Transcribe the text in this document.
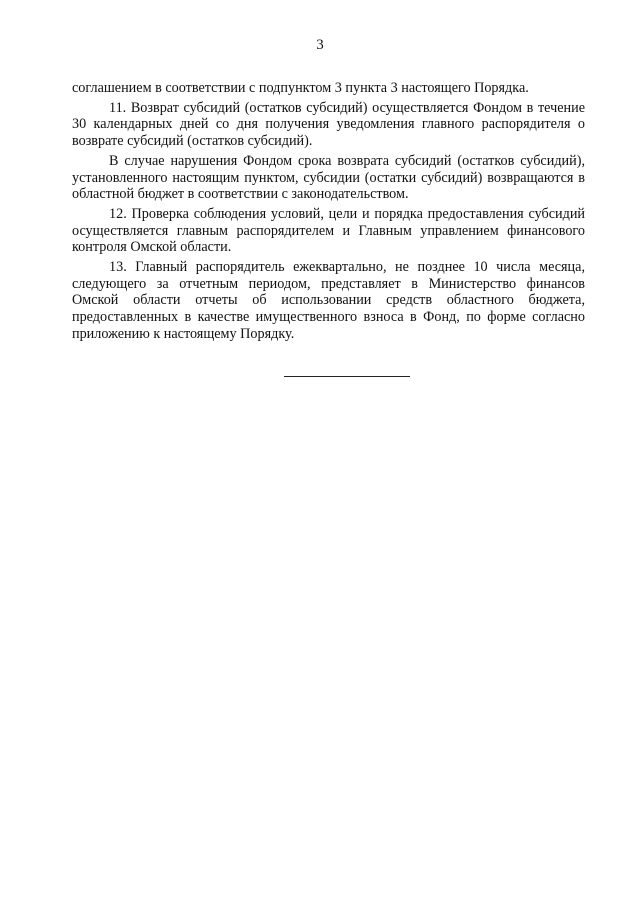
3

соглашением в соответствии с подпунктом 3 пункта 3 настоящего Порядка.

11. Возврат субсидий (остатков субсидий) осуществляется Фондом в течение 30 календарных дней со дня получения уведомления главного распорядителя о возврате субсидий (остатков субсидий).

В случае нарушения Фондом срока возврата субсидий (остатков субсидий), установленного настоящим пунктом, субсидии (остатки субсидий) возвращаются в областной бюджет в соответствии с законодательством.

12. Проверка соблюдения условий, цели и порядка предоставления субсидий осуществляется главным распорядителем и Главным управлением финансового контроля Омской области.

13. Главный распорядитель ежеквартально, не позднее 10 числа месяца, следующего за отчетным периодом, представляет в Министерство финансов Омской области отчеты об использовании средств областного бюджета, предоставленных в качестве имущественного взноса в Фонд, по форме согласно приложению к настоящему Порядку.
